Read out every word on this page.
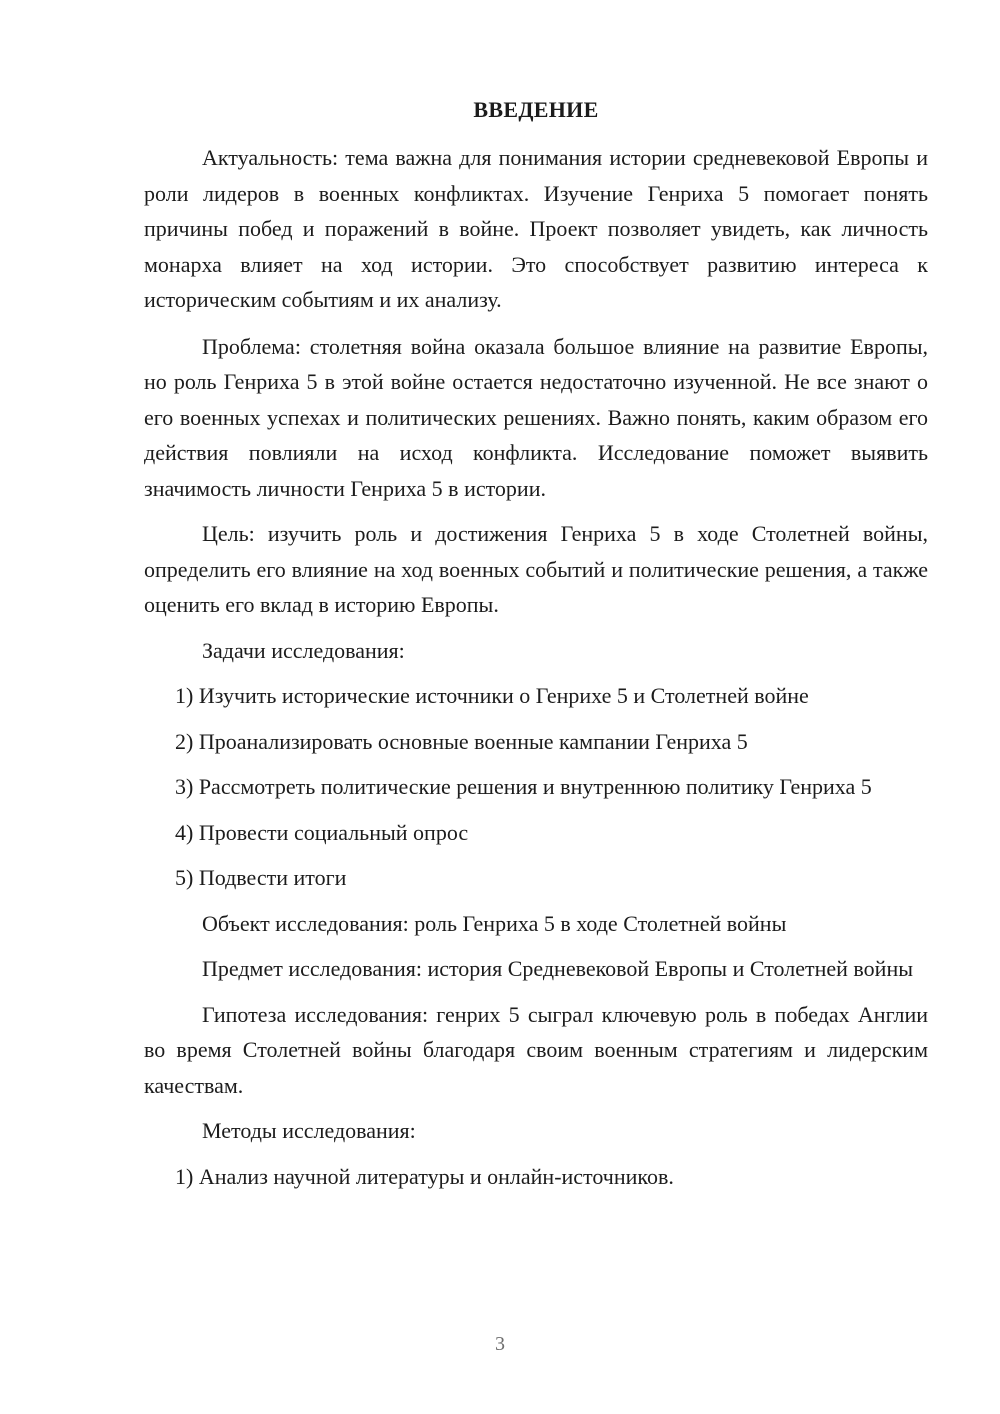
ВВЕДЕНИЕ

Актуальность: тема важна для понимания истории средневековой Европы и роли лидеров в военных конфликтах. Изучение Генриха 5 помогает понять причины побед и поражений в войне. Проект позволяет увидеть, как личность монарха влияет на ход истории. Это способствует развитию интереса к историческим событиям и их анализу.

Проблема: столетняя война оказала большое влияние на развитие Европы, но роль Генриха 5 в этой войне остается недостаточно изученной. Не все знают о его военных успехах и политических решениях. Важно понять, каким образом его действия повлияли на исход конфликта. Исследование поможет выявить значимость личности Генриха 5 в истории.

Цель: изучить роль и достижения Генриха 5 в ходе Столетней войны, определить его влияние на ход военных событий и политические решения, а также оценить его вклад в историю Европы.

Задачи исследования:

1) Изучить исторические источники о Генрихе 5 и Столетней войне

2) Проанализировать основные военные кампании Генриха 5

3) Рассмотреть политические решения и внутреннюю политику Генриха 5

4) Провести социальный опрос

5) Подвести итоги

Объект исследования: роль Генриха 5 в ходе Столетней войны

Предмет исследования: история Средневековой Европы и Столетней войны

Гипотеза исследования: генрих 5 сыграл ключевую роль в победах Англии во время Столетней войны благодаря своим военным стратегиям и лидерским качествам.

Методы исследования:

1) Анализ научной литературы и онлайн-источников.

3
